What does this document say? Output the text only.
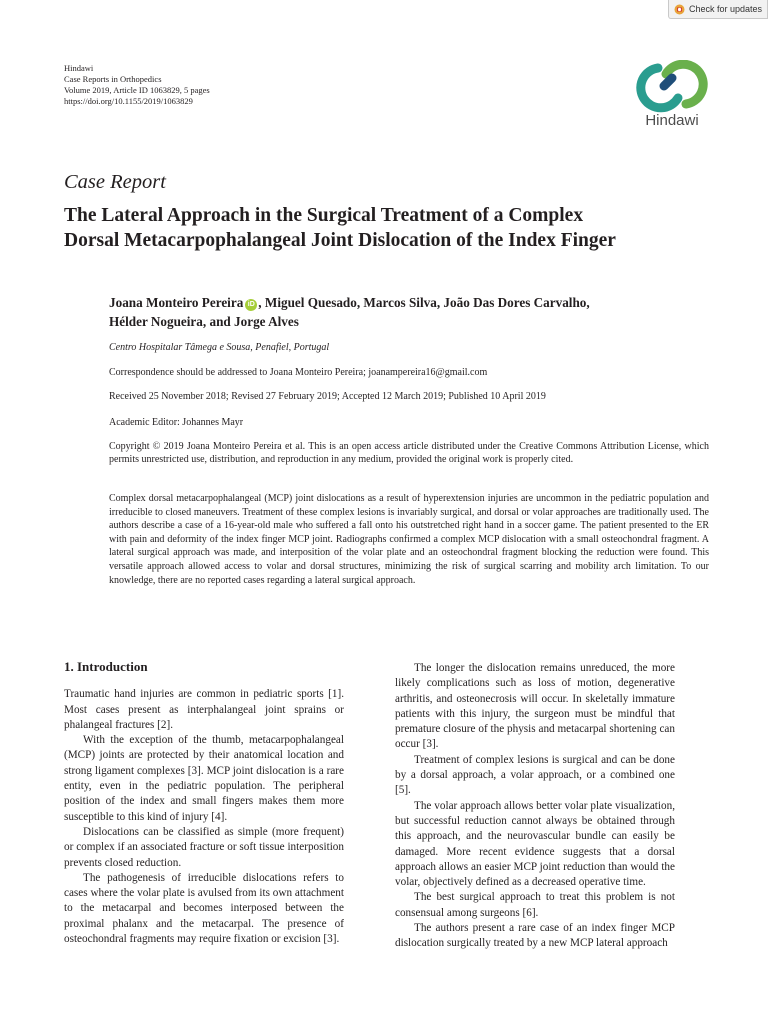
Check for updates
Hindawi
Case Reports in Orthopedics
Volume 2019, Article ID 1063829, 5 pages
https://doi.org/10.1155/2019/1063829
Hindawi
Case Report
The Lateral Approach in the Surgical Treatment of a Complex
Dorsal Metacarpophalangeal Joint Dislocation of the Index Finger
Joana Monteiro Pereira iD , Miguel Quesado, Marcos Silva, João Das Dores Carvalho,
Hélder Nogueira, and Jorge Alves
Centro Hospitalar Tâmega e Sousa, Penafiel, Portugal
Correspondence should be addressed to Joana Monteiro Pereira; joanampereira16@gmail.com
Received 25 November 2018; Revised 27 February 2019; Accepted 12 March 2019; Published 10 April 2019
Academic Editor: Johannes Mayr
Copyright © 2019 Joana Monteiro Pereira et al. This is an open access article distributed under the Creative Commons Attribution License, which permits unrestricted use, distribution, and reproduction in any medium, provided the original work is properly cited.
Complex dorsal metacarpophalangeal (MCP) joint dislocations as a result of hyperextension injuries are uncommon in the pediatric population and irreducible to closed maneuvers. Treatment of these complex lesions is invariably surgical, and dorsal or volar approaches are traditionally used. The authors describe a case of a 16-year-old male who suffered a fall onto his outstretched right hand in a soccer game. The patient presented to the ER with pain and deformity of the index finger MCP joint. Radiographs confirmed a complex MCP dislocation with a small osteochondral fragment. A lateral surgical approach was made, and interposition of the volar plate and an osteochondral fragment blocking the reduction were found. This versatile approach allowed access to volar and dorsal structures, minimizing the risk of surgical scarring and mobility arch limitation. To our knowledge, there are no reported cases regarding a lateral surgical approach.
1. Introduction

Traumatic hand injuries are common in pediatric sports [1]. Most cases present as interphalangeal joint sprains or phalangeal fractures [2].

With the exception of the thumb, metacarpophalangeal (MCP) joints are protected by their anatomical location and strong ligament complexes [3]. MCP joint dislocation is a rare entity, even in the pediatric population. The peripheral position of the index and small fingers makes them more susceptible to this kind of injury [4].

Dislocations can be classified as simple (more frequent) or complex if an associated fracture or soft tissue interposition prevents closed reduction.

The pathogenesis of irreducible dislocations refers to cases where the volar plate is avulsed from its own attachment to the metacarpal and becomes interposed between the proximal phalanx and the metacarpal. The presence of osteochondral fragments may require fixation or excision [3].

The longer the dislocation remains unreduced, the more likely complications such as loss of motion, degenerative arthritis, and osteonecrosis will occur. In skeletally immature patients with this injury, the surgeon must be mindful that premature closure of the physis and metacarpal shortening can occur [3].

Treatment of complex lesions is surgical and can be done by a dorsal approach, a volar approach, or a combined one [5].

The volar approach allows better volar plate visualization, but successful reduction cannot always be obtained through this approach, and the neurovascular bundle can easily be damaged. More recent evidence suggests that a dorsal approach allows an easier MCP joint reduction than would the volar, objectively defined as a decreased operative time.

The best surgical approach to treat this problem is not consensual among surgeons [6].

The authors present a rare case of an index finger MCP dislocation surgically treated by a new MCP lateral approach
